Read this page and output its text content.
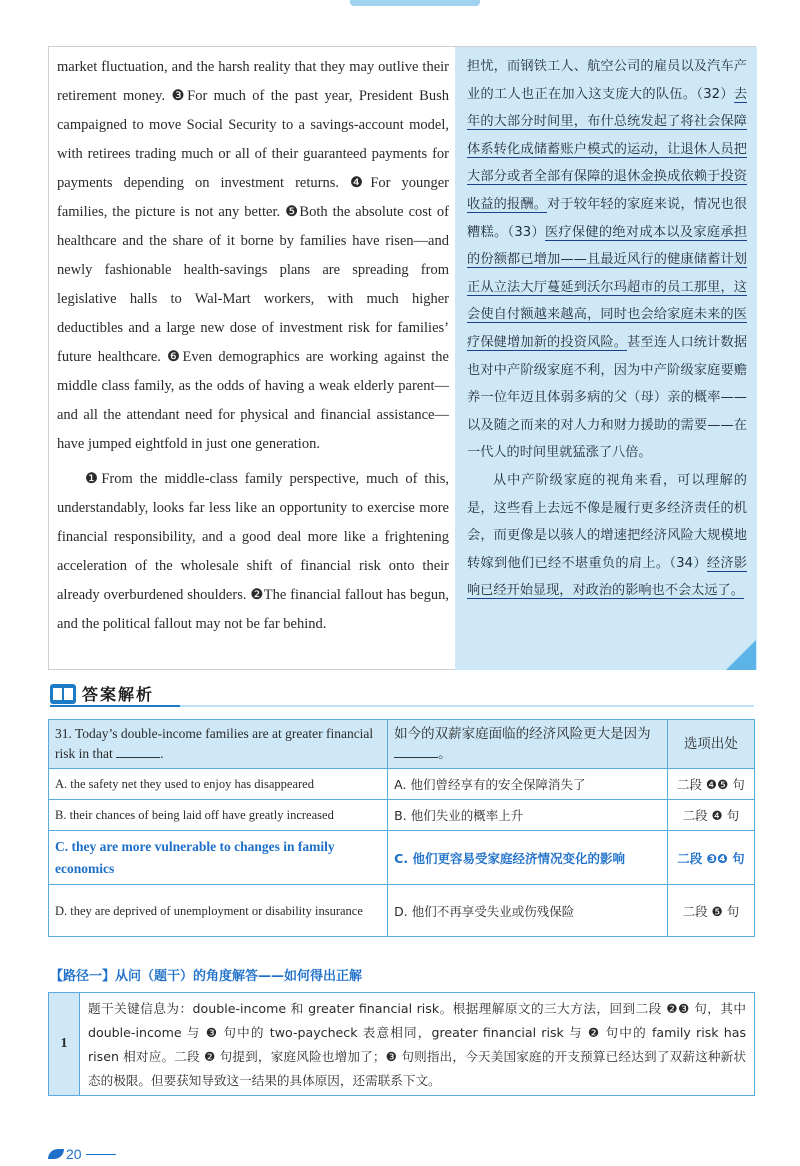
market fluctuation, and the harsh reality that they may outlive their retirement money. ❸For much of the past year, President Bush campaigned to move Social Security to a savings-account model, with retirees trading much or all of their guaranteed payments for payments depending on investment returns. ❹For younger families, the picture is not any better. ❺Both the absolute cost of healthcare and the share of it borne by families have risen—and newly fashionable health-savings plans are spreading from legislative halls to Wal-Mart workers, with much higher deductibles and a large new dose of investment risk for families’ future healthcare. ❻Even demographics are working against the middle class family, as the odds of having a weak elderly parent—and all the attendant need for physical and financial assistance—have jumped eightfold in just one generation.

❶From the middle-class family perspective, much of this, understandably, looks far less like an opportunity to exercise more financial responsibility, and a good deal more like a frightening acceleration of the wholesale shift of financial risk onto their already overburdened shoulders. ❷The financial fallout has begun, and the political fallout may not be far behind.

担忧，而钢铁工人、航空公司的雇员以及汽车产业的工人也正在加入这支庞大的队伍。（32）去年的大部分时间里，布什总统发起了将社会保障体系转化成储蓄账户模式的运动，让退休人员把大部分或者全部有保障的退休金换成依赖于投资收益的报酬。对于较年轻的家庭来说，情况也很糟糕。（33）医疗保健的绝对成本以及家庭承担的份额都已增加——且最近风行的健康储蓄计划正从立法大厅蔓延到沃尔玛超市的员工那里，这会使自付额越来越高，同时也会给家庭未来的医疗保健增加新的投资风险。甚至连人口统计数据也对中产阶级家庭不利，因为中产阶级家庭要赡养一位年迈且体弱多病的父（母）亲的概率——以及随之而来的对人力和财力援助的需要——在一代人的时间里就猛涨了八倍。

从中产阶级家庭的视角来看，可以理解的是，这些看上去远不像是履行更多经济责任的机会，而更像是以骇人的增速把经济风险大规模地转嫁到他们已经不堪重负的肩上。（34）经济影响已经开始显现，对政治的影响也不会太远了。

答案解析
31. Today’s double-income families are at greater financial risk in that .	如今的双薪家庭面临的经济风险更大是因为。	选项出处
A. the safety net they used to enjoy has disappeared	A. 他们曾经享有的安全保障消失了	二段 ❹❺ 句
B. their chances of being laid off have greatly increased	B. 他们失业的概率上升	二段 ❹ 句
C. they are more vulnerable to changes in family economics	C. 他们更容易受家庭经济情况变化的影响	二段 ❸❹ 句
D. they are deprived of unemployment or disability insurance	D. 他们不再享受失业或伤残保险	二段 ❺ 句
【路径一】从问（题干）的角度解答——如何得出正解
1
题干关键信息为：double-income 和 greater financial risk。根据理解原文的三大方法，回到二段 ❷❸ 句，其中 double-income 与 ❸ 句中的 two-paycheck 表意相同，greater financial risk 与 ❷ 句中的 family risk has risen 相对应。二段 ❷ 句提到，家庭风险也增加了；❸ 句则指出，今天美国家庭的开支预算已经达到了双薪这种新状态的极限。但要获知导致这一结果的具体原因，还需联系下文。
20
